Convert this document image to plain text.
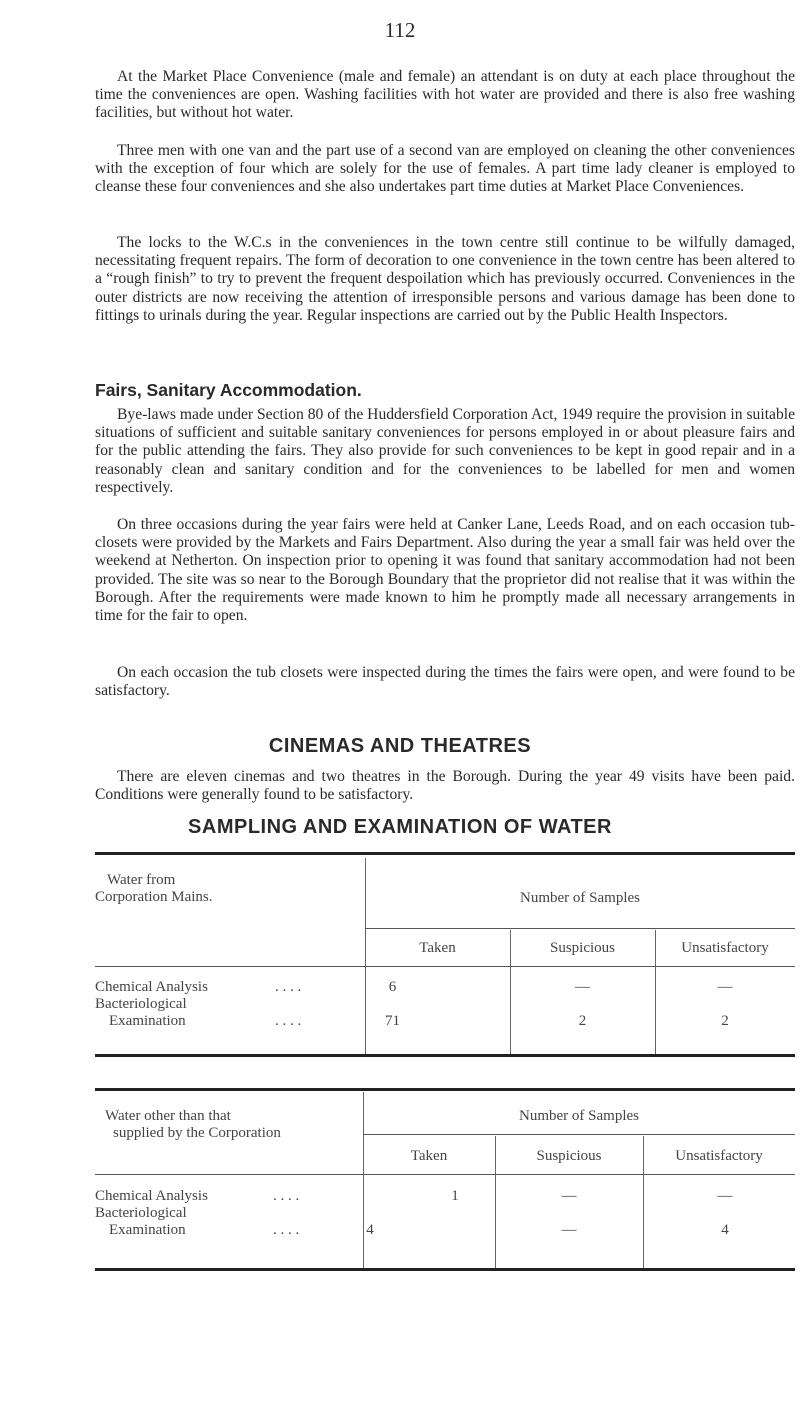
112

At the Market Place Convenience (male and female) an attendant is on duty at each place throughout the time the conveniences are open. Washing facilities with hot water are provided and there is also free washing facilities, but without hot water.

Three men with one van and the part use of a second van are employed on cleaning the other conveniences with the exception of four which are solely for the use of females. A part time lady cleaner is employed to cleanse these four conveniences and she also undertakes part time duties at Market Place Conveniences.

The locks to the W.C.s in the conveniences in the town centre still continue to be wilfully damaged, necessitating frequent repairs. The form of decoration to one convenience in the town centre has been altered to a “rough finish” to try to prevent the frequent despoilation which has previously occurred. Conveniences in the outer districts are now receiving the attention of irresponsible persons and various damage has been done to fittings to urinals during the year. Regular inspections are carried out by the Public Health Inspectors.

Fairs, Sanitary Accommodation.

Bye-laws made under Section 80 of the Huddersfield Corporation Act, 1949 require the provision in suitable situations of sufficient and suitable sanitary conveniences for persons employed in or about pleasure fairs and for the public attending the fairs. They also provide for such conveniences to be kept in good repair and in a reasonably clean and sanitary condition and for the conveniences to be labelled for men and women respectively.

On three occasions during the year fairs were held at Canker Lane, Leeds Road, and on each occasion tub-closets were provided by the Markets and Fairs Department. Also during the year a small fair was held over the weekend at Netherton. On inspection prior to opening it was found that sanitary accommodation had not been provided. The site was so near to the Borough Boundary that the proprietor did not realise that it was within the Borough. After the requirements were made known to him he promptly made all necessary arrangements in time for the fair to open.

On each occasion the tub closets were inspected during the times the fairs were open, and were found to be satisfactory.

CINEMAS AND THEATRES

There are eleven cinemas and two theatres in the Borough. During the year 49 visits have been paid. Conditions were generally found to be satisfactory.

SAMPLING AND EXAMINATION OF WATER
Water from
Corporation Mains.	Number of Samples
Taken	Suspicious	Unsatisfactory
Chemical Analysis	. . . .	6	—	—
Bacteriological
Examination	. . . .	71	2	2
Water other than that
supplied by the Corporation
Number of Samples
Taken	Suspicious	Unsatisfactory
Chemical Analysis	. . . .	1	—	—
Bacteriological
Examination	. . . .	4	—	4
